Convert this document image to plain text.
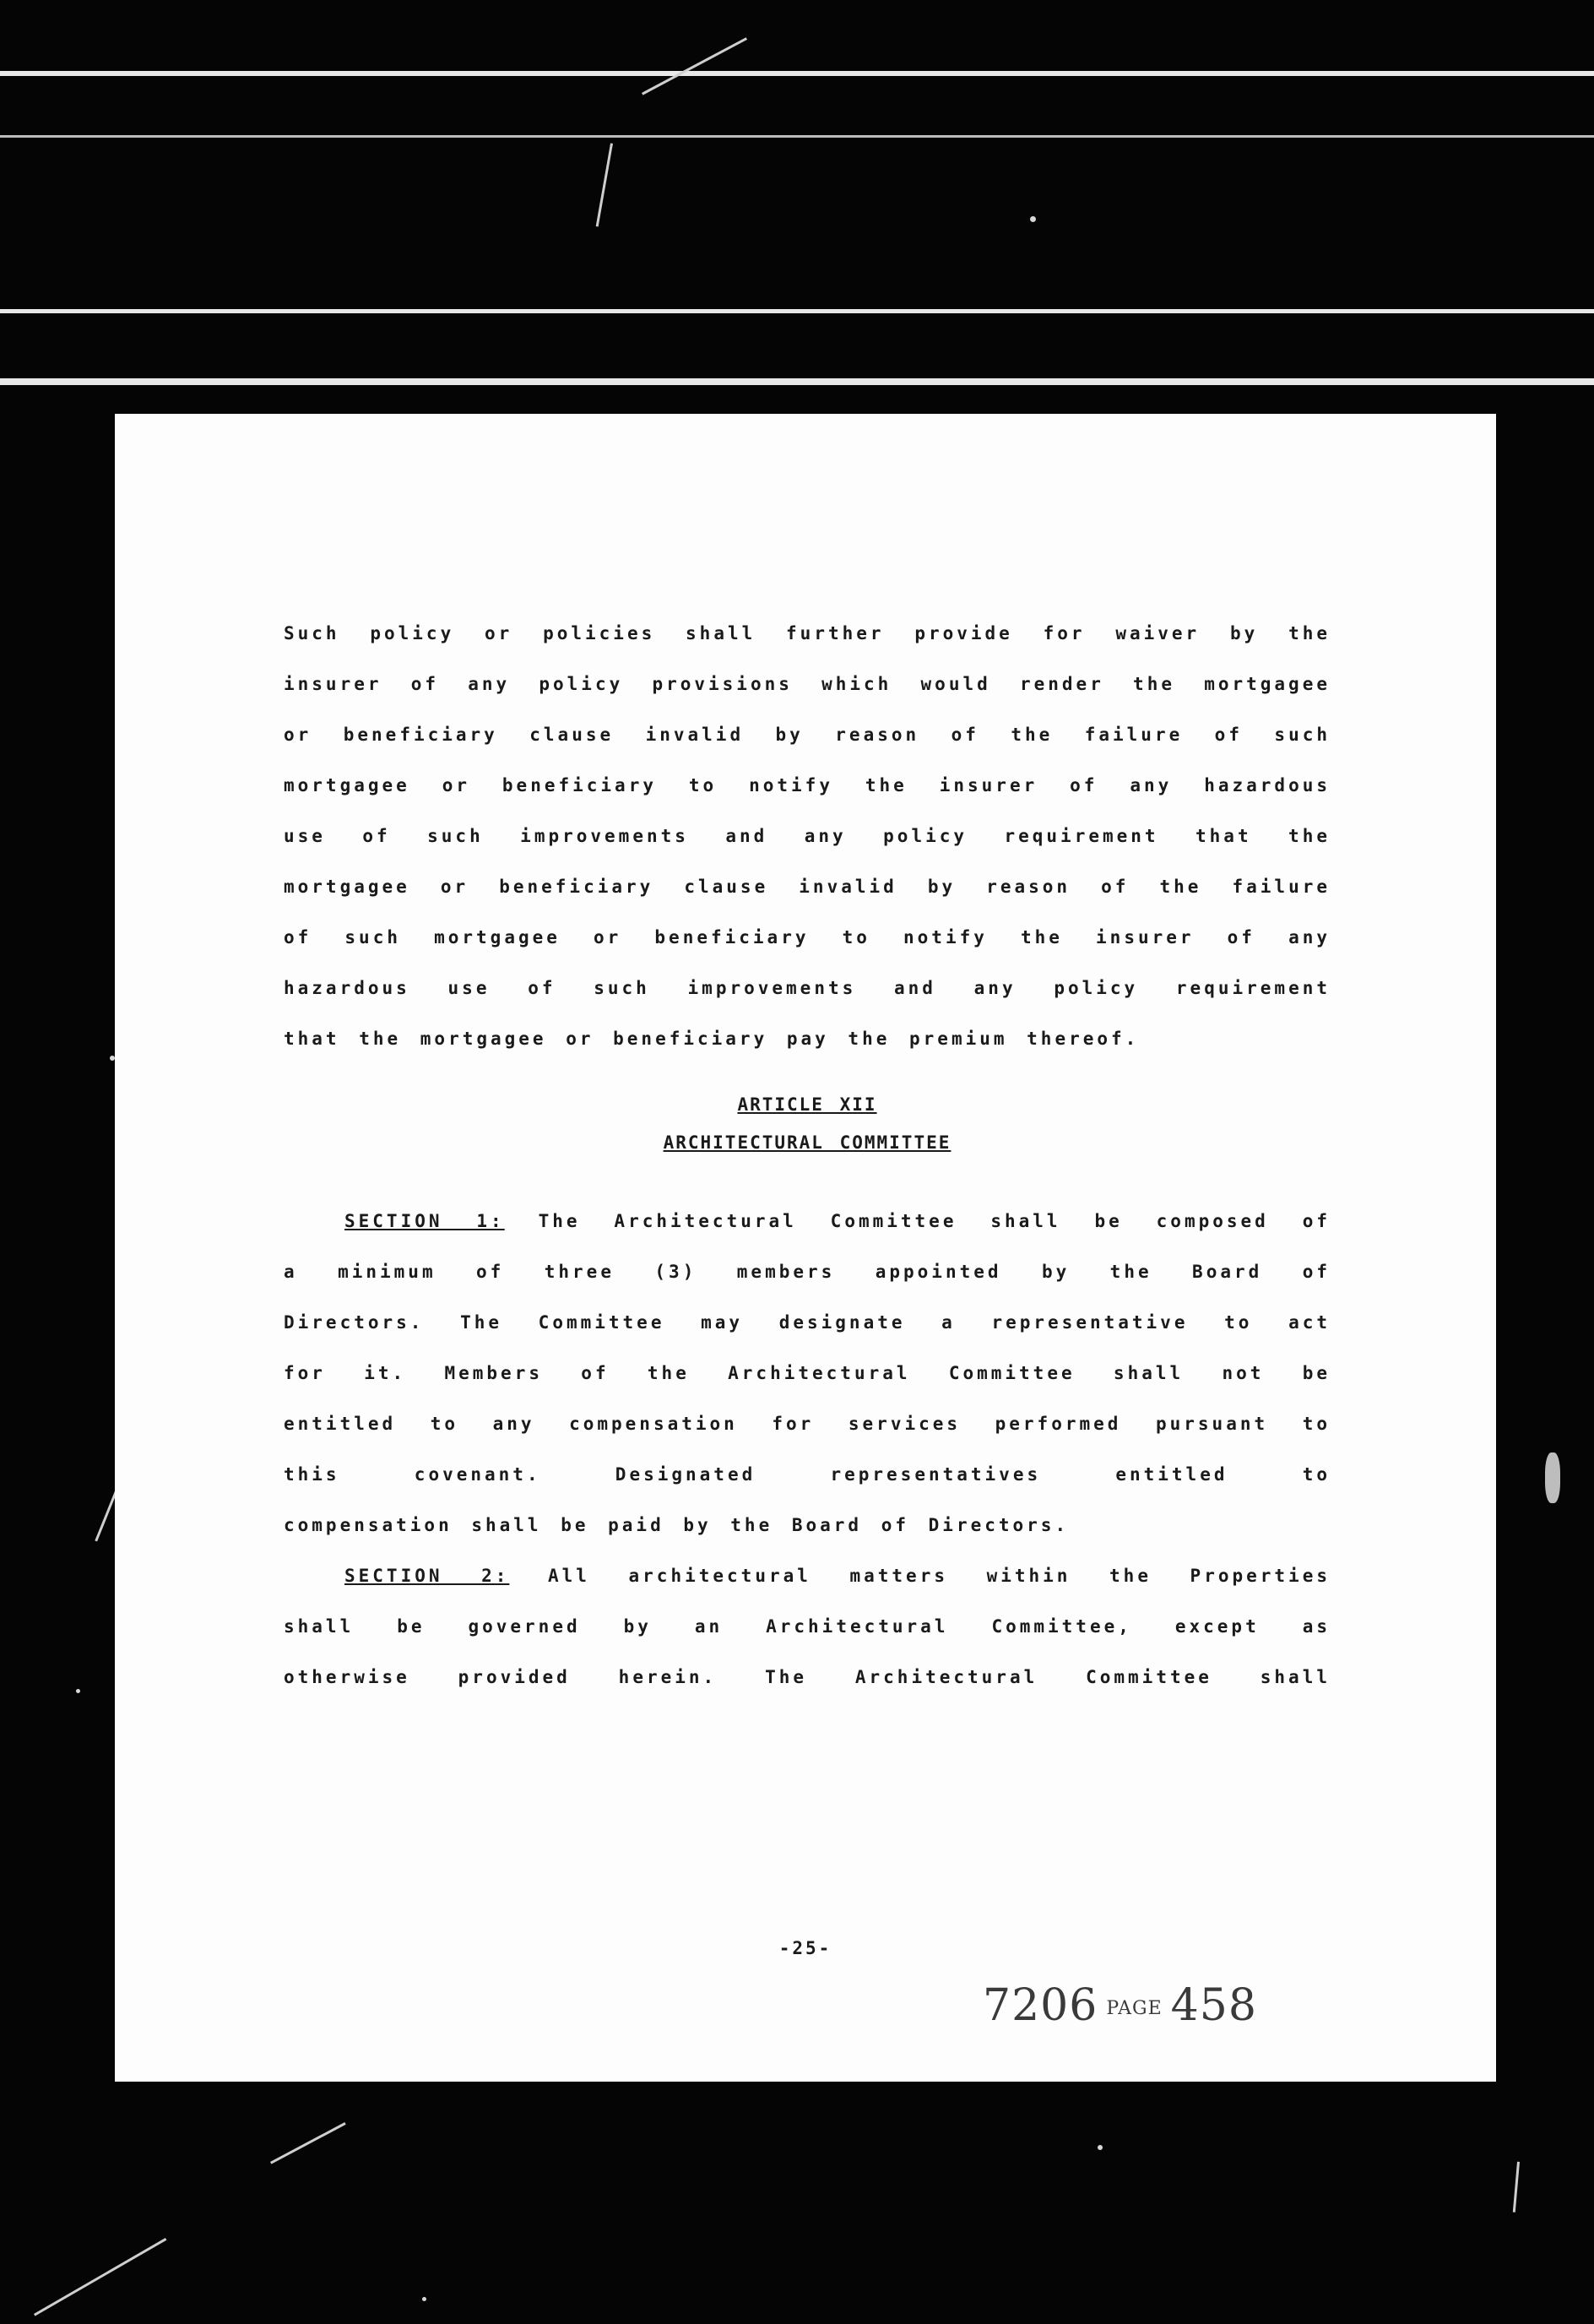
Such policy or policies shall further provide for waiver by the
insurer of any policy provisions which would render the mortgagee
or beneficiary clause invalid by reason of the failure of such
mortgagee or beneficiary to notify the insurer of any hazardous
use of such improvements and any policy requirement that the
mortgagee or beneficiary clause invalid by reason of the failure
of such mortgagee or beneficiary to notify the insurer of any
hazardous use of such improvements and any policy requirement
that the mortgagee or beneficiary pay the premium thereof.
ARTICLE XII
ARCHITECTURAL COMMITTEE
SECTION 1: The Architectural Committee shall be composed of
a minimum of three (3) members appointed by the Board of
Directors. The Committee may designate a representative to act
for it. Members of the Architectural Committee shall not be
entitled to any compensation for services performed pursuant to
this covenant. Designated representatives entitled to
compensation shall be paid by the Board of Directors.
SECTION 2: All architectural matters within the Properties
shall be governed by an Architectural Committee, except as
otherwise provided herein. The Architectural Committee shall
-25-
7206 PAGE 458
